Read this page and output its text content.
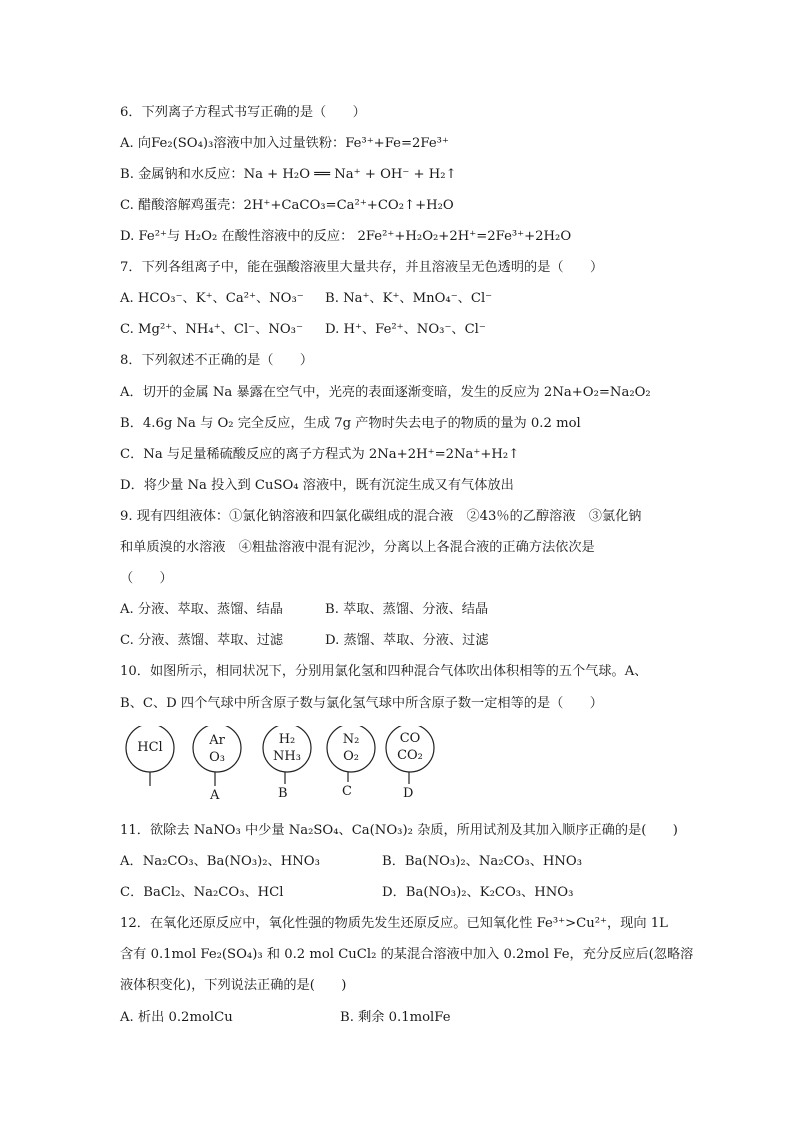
6．下列离子方程式书写正确的是（　　）
A. 向Fe₂(SO₄)₃溶液中加入过量铁粉：Fe³⁺+Fe=2Fe³⁺
B. 金属钠和水反应：Na + H₂O ══ Na⁺ + OH⁻ + H₂↑
C. 醋酸溶解鸡蛋壳：2H⁺+CaCO₃=Ca²⁺+CO₂↑+H₂O
D. Fe²⁺与 H₂O₂ 在酸性溶液中的反应： 2Fe²⁺+H₂O₂+2H⁺=2Fe³⁺+2H₂O
7．下列各组离子中，能在强酸溶液里大量共存，并且溶液呈无色透明的是（　　）
A. HCO₃⁻、K⁺、Ca²⁺、NO₃⁻ B. Na⁺、K⁺、MnO₄⁻、Cl⁻
C. Mg²⁺、NH₄⁺、Cl⁻、NO₃⁻ D. H⁺、Fe²⁺、NO₃⁻、Cl⁻
8．下列叙述不正确的是（　　）
A．切开的金属 Na 暴露在空气中，光亮的表面逐渐变暗，发生的反应为 2Na+O₂=Na₂O₂
B．4.6g Na 与 O₂ 完全反应，生成 7g 产物时失去电子的物质的量为 0.2 mol
C．Na 与足量稀硫酸反应的离子方程式为 2Na+2H⁺=2Na⁺+H₂↑
D．将少量 Na 投入到 CuSO₄ 溶液中，既有沉淀生成又有气体放出
9. 现有四组液体：①氯化钠溶液和四氯化碳组成的混合液　②43％的乙醇溶液　③氯化钠
和单质溴的水溶液　④粗盐溶液中混有泥沙，分离以上各混合液的正确方法依次是
（　　）
A. 分液、萃取、蒸馏、结晶	B. 萃取、蒸馏、分液、结晶
C. 分液、蒸馏、萃取、过滤	D. 蒸馏、萃取、分液、过滤
10．如图所示，相同状况下，分别用氯化氢和四种混合气体吹出体积相等的五个气球。A、
B、C、D 四个气球中所含原子数与氯化氢气球中所含原子数一定相等的是（　　）
HCl	Ar
O₃
A
H₂
NH₃
B
N₂
O₂
C
CO
CO₂
D
11．欲除去 NaNO₃ 中少量 Na₂SO₄、Ca(NO₃)₂ 杂质，所用试剂及其加入顺序正确的是(　　)
A．Na₂CO₃、Ba(NO₃)₂、HNO₃	B．Ba(NO₃)₂、Na₂CO₃、HNO₃
C．BaCl₂、Na₂CO₃、HCl	D．Ba(NO₃)₂、K₂CO₃、HNO₃
12．在氧化还原反应中，氧化性强的物质先发生还原反应。已知氧化性 Fe³⁺>Cu²⁺，现向 1L
含有 0.1mol Fe₂(SO₄)₃ 和 0.2 mol CuCl₂ 的某混合溶液中加入 0.2mol Fe，充分反应后(忽略溶
液体积变化)，下列说法正确的是(　　)
A. 析出 0.2molCu	B. 剩余 0.1molFe
